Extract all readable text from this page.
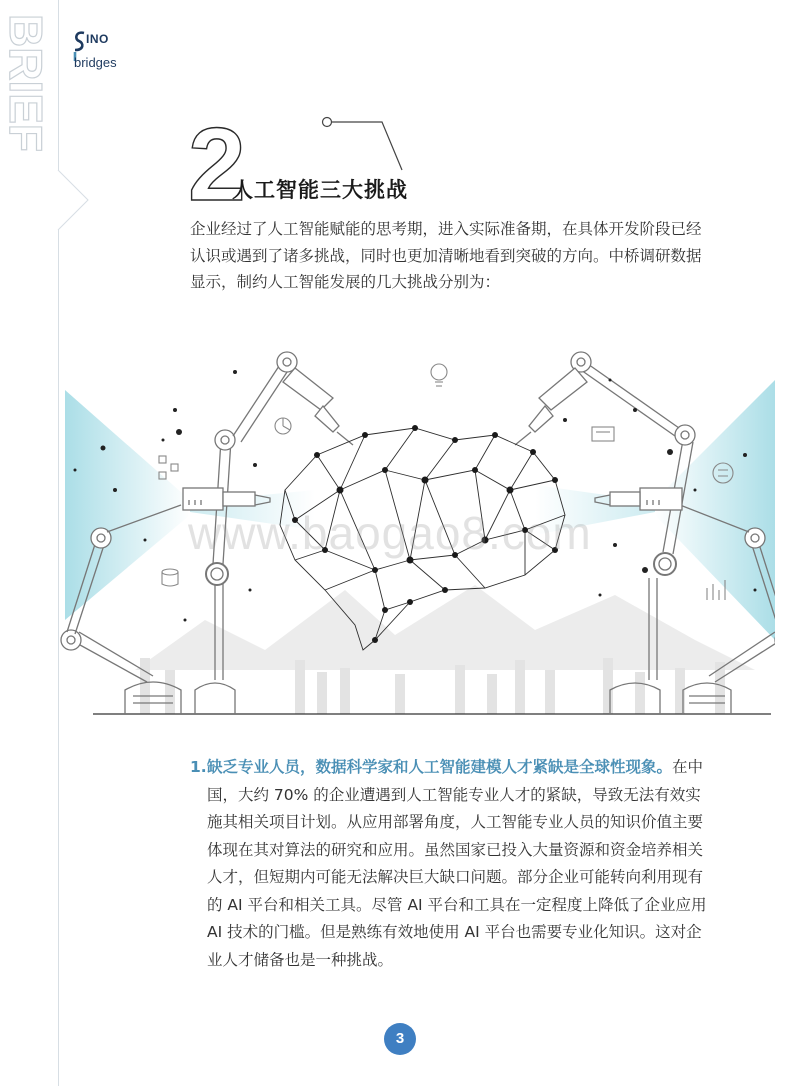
BRIEF	INO
bridges
2
人工智能三大挑战

企业经过了人工智能赋能的思考期，进入实际准备期，在具体开发阶段已经

认识或遇到了诸多挑战，同时也更加清晰地看到突破的方向。中桥调研数据

显示，制约人工智能发展的几大挑战分别为：

www.baogao8.com
1. 缺乏专业人员，数据科学家和人工智能建模人才紧缺是全球性现象。在中
国，大约 70% 的企业遭遇到人工智能专业人才的紧缺，导致无法有效实
施其相关项目计划。从应用部署角度，人工智能专业人员的知识价值主要
体现在其对算法的研究和应用。虽然国家已投入大量资源和资金培养相关
人才，但短期内可能无法解决巨大缺口问题。部分企业可能转向利用现有
的 AI 平台和相关工具。尽管 AI 平台和工具在一定程度上降低了企业应用
AI 技术的门槛。但是熟练有效地使用 AI 平台也需要专业化知识。这对企
业人才储备也是一种挑战。
3
